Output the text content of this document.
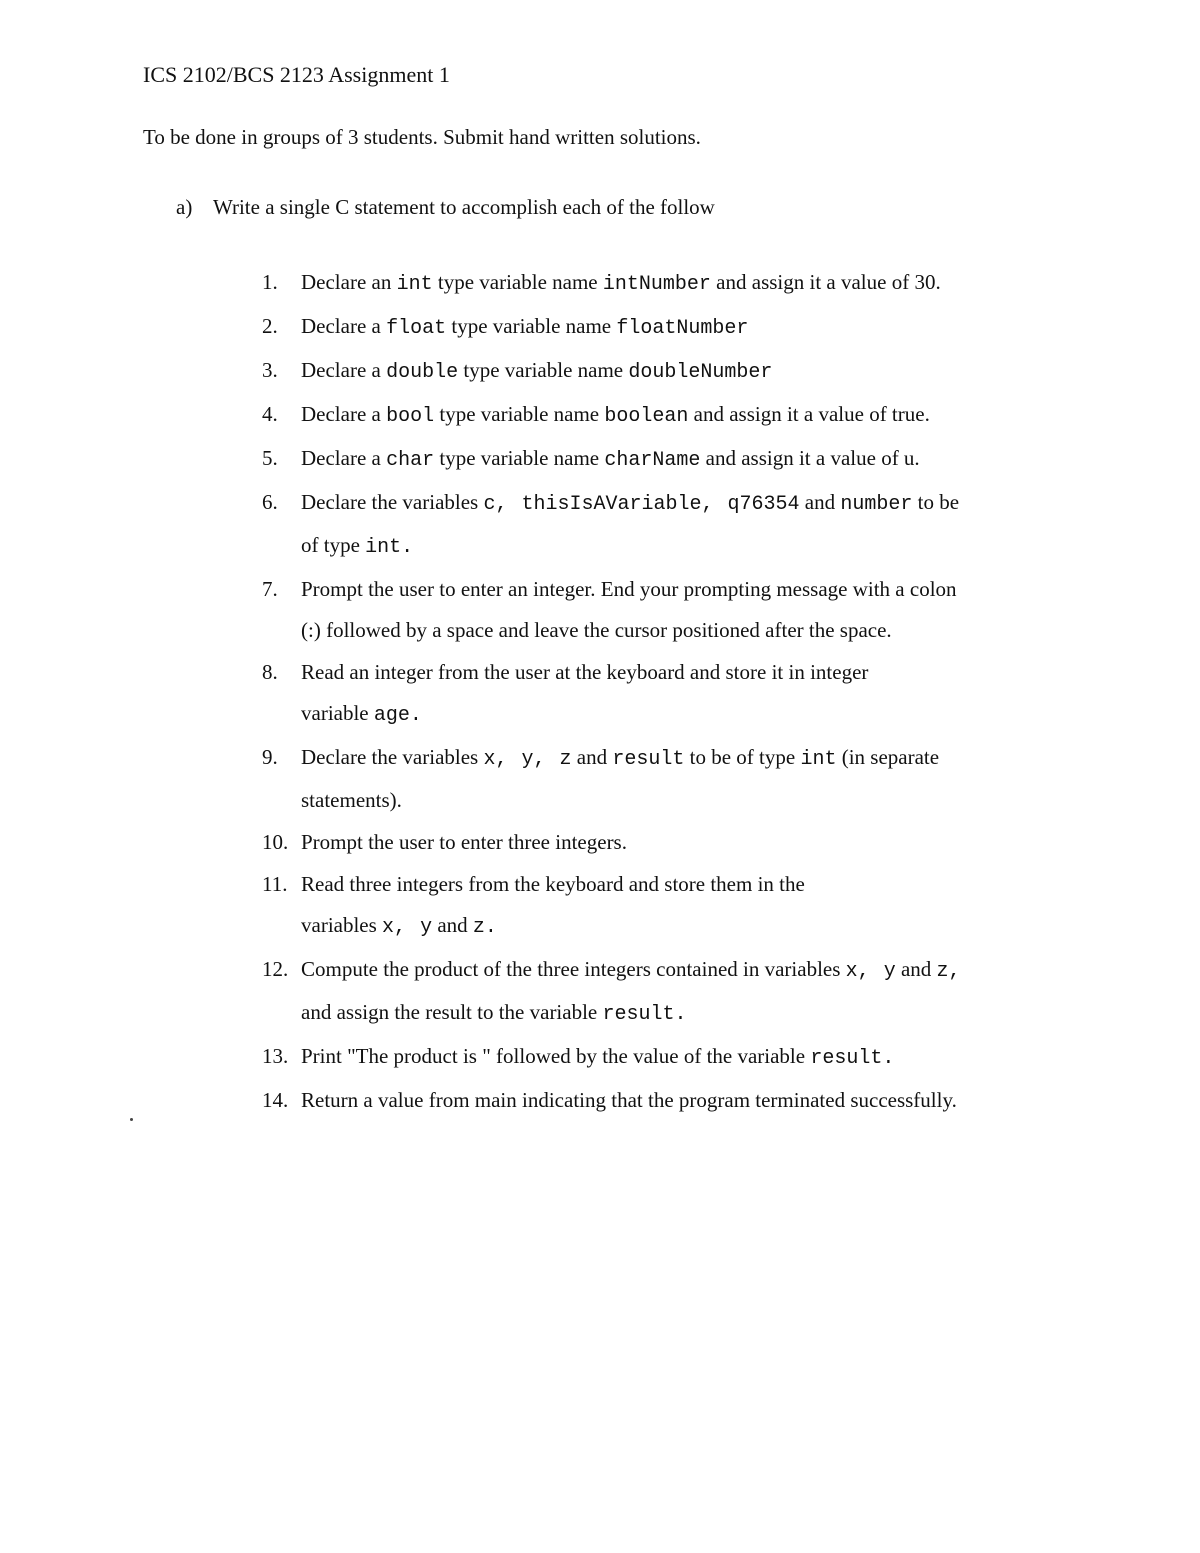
ICS 2102/BCS 2123 Assignment 1
To be done in groups of 3 students. Submit hand written solutions.
a) Write a single C statement to accomplish each of the follow
1.	Declare an int type variable name intNumber and assign it a value of 30.
2.	Declare a float type variable name floatNumber
3.	Declare a double type variable name doubleNumber
4.	Declare a bool type variable name boolean and assign it a value of true.
5.	Declare a char type variable name charName and assign it a value of u.
6.	Declare the variables c, thisIsAVariable, q76354 and number to be
of type int.
7.	Prompt the user to enter an integer. End your prompting message with a colon
(:) followed by a space and leave the cursor positioned after the space.
8.	Read an integer from the user at the keyboard and store it in integer
variable age.
9.	Declare the variables x, y, z and result to be of type int (in separate
statements).
10. Prompt the user to enter three integers.
11. Read three integers from the keyboard and store them in the
variables x, y and z.
12. Compute the product of the three integers contained in variables x, y and z,
and assign the result to the variable result.
13. Print "The product is " followed by the value of the variable result.
14. Return a value from main indicating that the program terminated successfully.
